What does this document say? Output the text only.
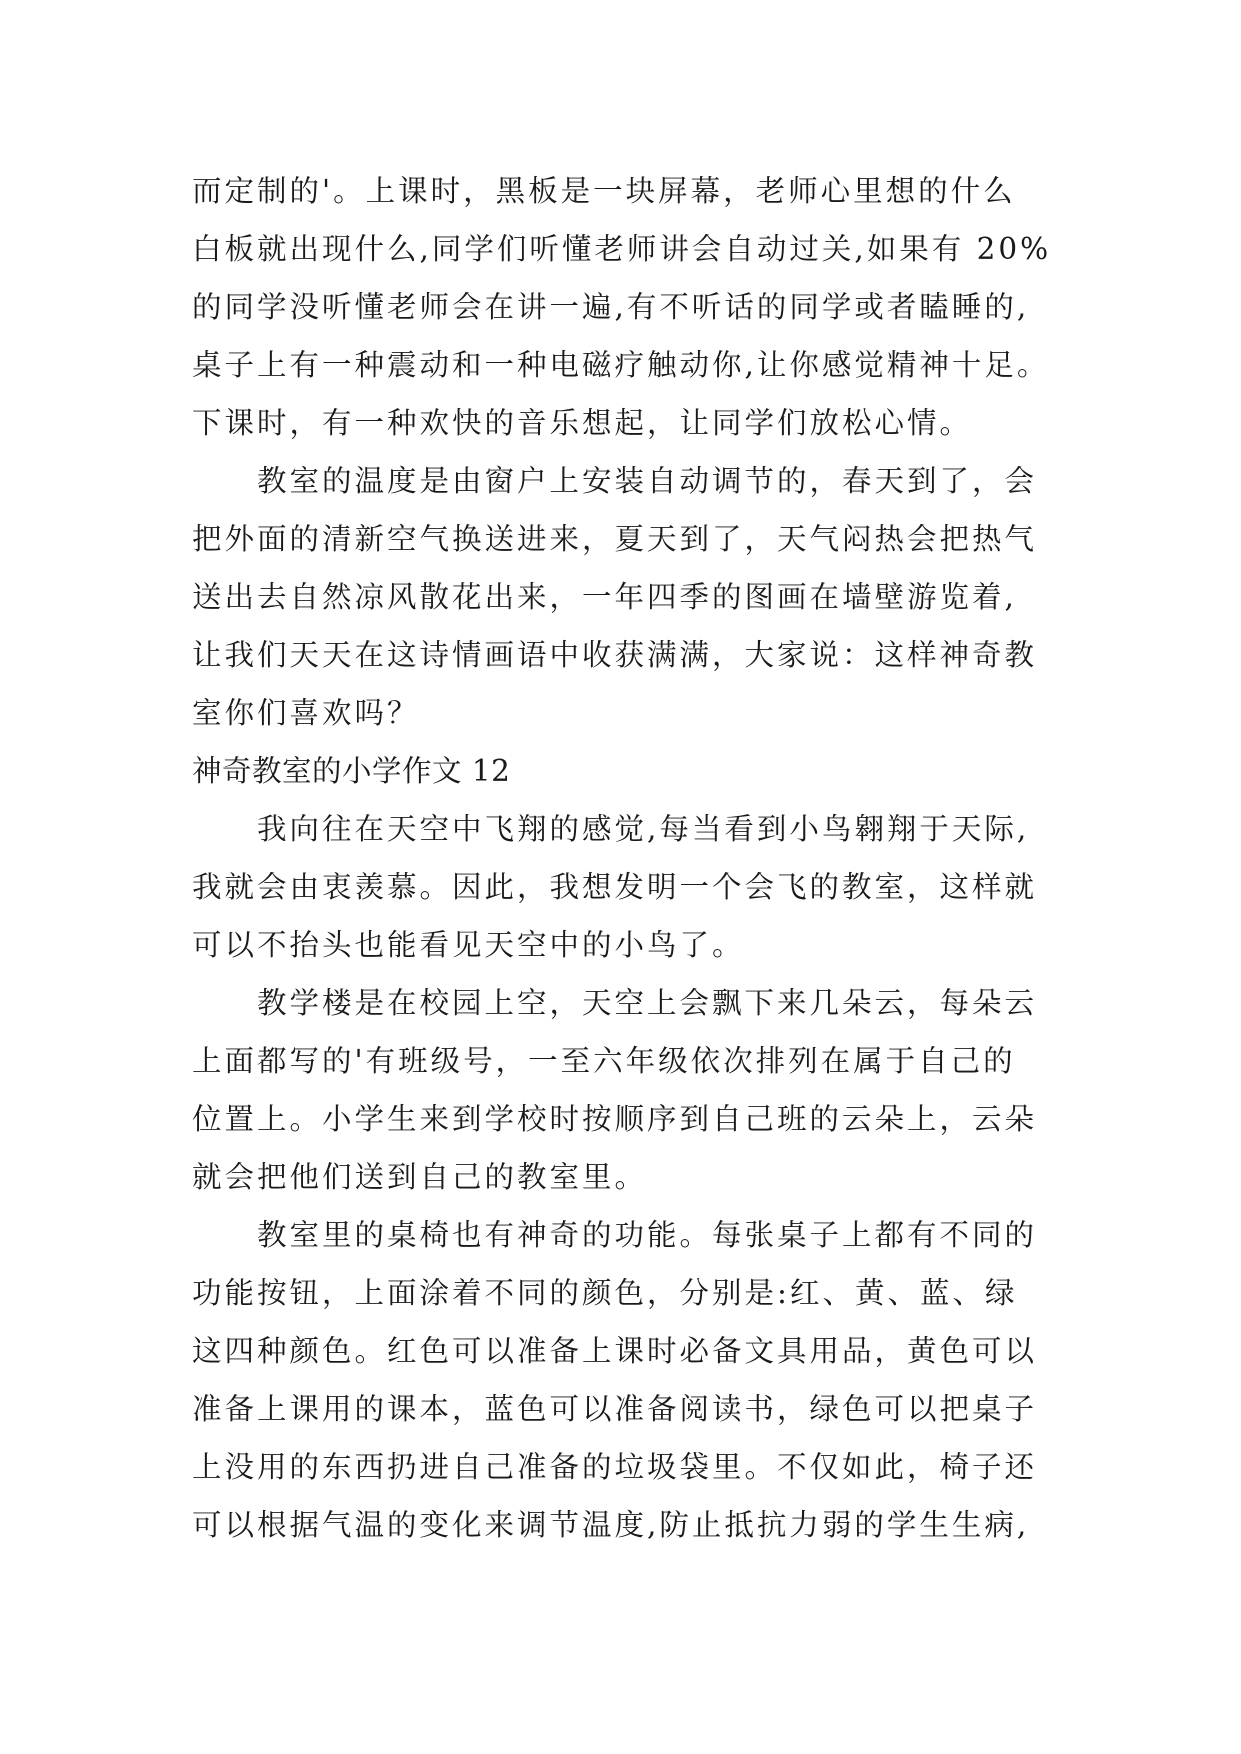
而定制的'。上课时，黑板是一块屏幕，老师心里想的什么
白板就出现什么,同学们听懂老师讲会自动过关,如果有 20%
的同学没听懂老师会在讲一遍,有不听话的同学或者瞌睡的,
桌子上有一种震动和一种电磁疗触动你,让你感觉精神十足。
下课时，有一种欢快的音乐想起，让同学们放松心情。
　　教室的温度是由窗户上安装自动调节的，春天到了，会
把外面的清新空气换送进来，夏天到了，天气闷热会把热气
送出去自然凉风散花出来，一年四季的图画在墙壁游览着,
让我们天天在这诗情画语中收获满满，大家说：这样神奇教
室你们喜欢吗？
神奇教室的小学作文 12
　　我向往在天空中飞翔的感觉,每当看到小鸟翱翔于天际,
我就会由衷羡慕。因此，我想发明一个会飞的教室，这样就
可以不抬头也能看见天空中的小鸟了。
　　教学楼是在校园上空，天空上会飘下来几朵云，每朵云
上面都写的'有班级号，一至六年级依次排列在属于自己的
位置上。小学生来到学校时按顺序到自己班的云朵上，云朵
就会把他们送到自己的教室里。
　　教室里的桌椅也有神奇的功能。每张桌子上都有不同的
功能按钮，上面涂着不同的颜色，分别是:红、黄、蓝、绿
这四种颜色。红色可以准备上课时必备文具用品，黄色可以
准备上课用的课本，蓝色可以准备阅读书，绿色可以把桌子
上没用的东西扔进自己准备的垃圾袋里。不仅如此，椅子还
可以根据气温的变化来调节温度,防止抵抗力弱的学生生病,
